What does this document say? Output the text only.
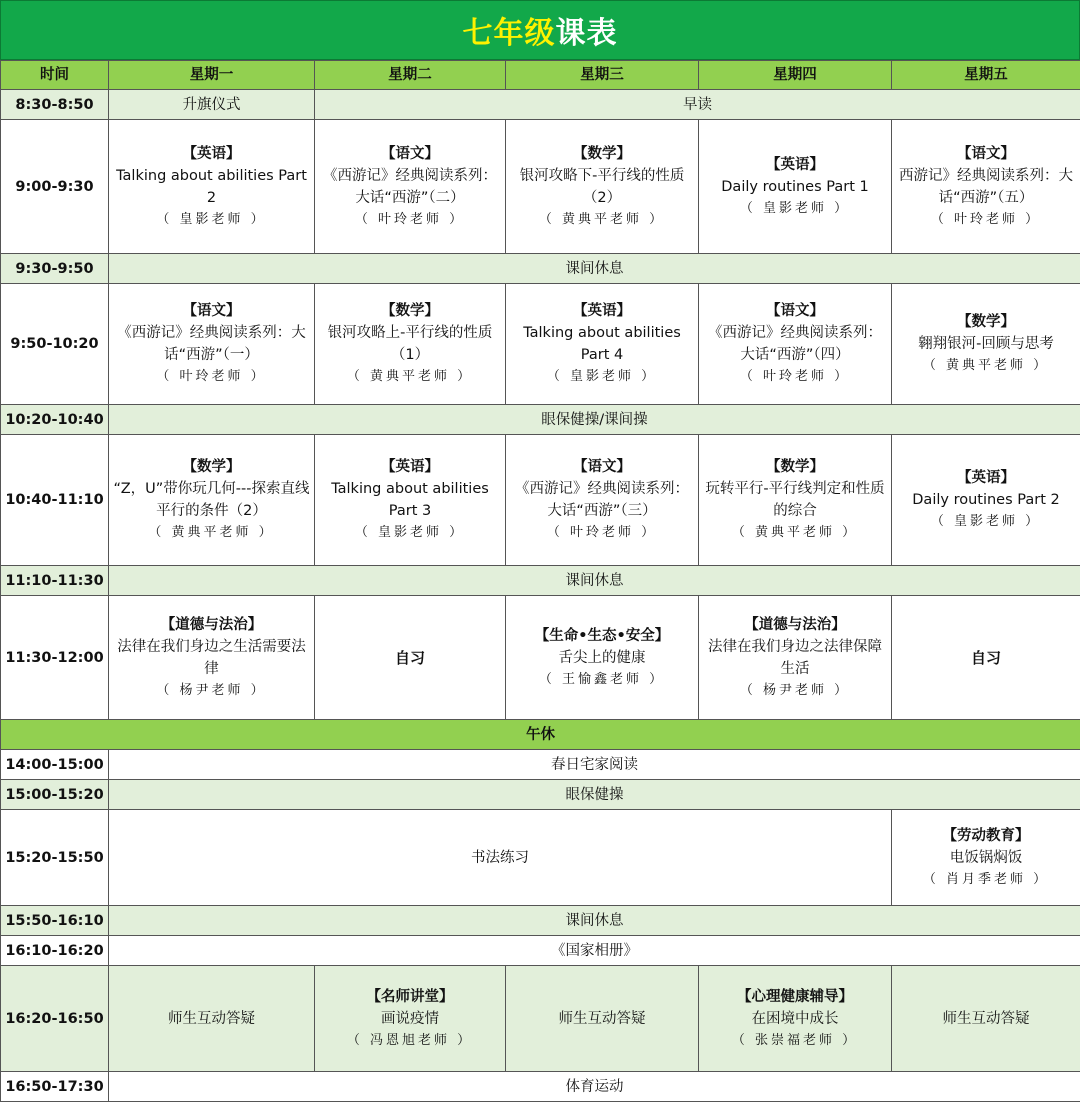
七年级 课表
时间	星期一	星期二	星期三	星期四	星期五
8:30-8:50	升旗仪式	早读			
9:00-9:30	【英语】
Talking about abilities Part 2
（ 皇影老师 ）	【语文】
《西游记》经典阅读系列：大话“西游”（二）
（ 叶玲老师 ）	【数学】
银河攻略下-平行线的性质（2）
（ 黄典平老师 ）	【英语】
Daily routines Part 1
（ 皇影老师 ）	【语文】
西游记》经典阅读系列：大话“西游”（五）
（ 叶玲老师 ）

9:30-9:50	课间休息				
9:50-10:20	【语文】
《西游记》经典阅读系列：大话“西游”（一）
（ 叶玲老师 ）	【数学】
银河攻略上-平行线的性质（1）
（ 黄典平老师 ）	【英语】
Talking about abilities Part 4
（ 皇影老师 ）	【语文】
《西游记》经典阅读系列：大话“西游”（四）
（ 叶玲老师 ）	【数学】
翱翔银河-回顾与思考
（ 黄典平老师 ）

10:20-10:40	眼保健操/课间操				
10:40-11:10	【数学】
“Z，U”带你玩几何---探索直线平行的条件（2）
（ 黄典平老师 ）	【英语】
Talking about abilities Part 3
（ 皇影老师 ）	【语文】
《西游记》经典阅读系列：大话“西游”（三）
（ 叶玲老师 ）	【数学】
玩转平行-平行线判定和性质的综合
（ 黄典平老师 ）	【英语】
Daily routines Part 2
（ 皇影老师 ）

11:10-11:30	课间休息				
11:30-12:00	【道德与法治】
法律在我们身边之生活需要法律
（ 杨尹老师 ）	自习	【生命•生态•安全】
舌尖上的健康
（ 王愉鑫老师 ）	【道德与法治】
法律在我们身边之法律保障生活
（ 杨尹老师 ）	自习
午休					
14:00-15:00	春日宅家阅读				
15:00-15:20	眼保健操				
15:20-15:50	书法练习				【劳动教育】
电饭锅焖饭
（ 肖月季老师 ）

15:50-16:10	课间休息				
16:10-16:20	《国家相册》				
16:20-16:50	师生互动答疑	【名师讲堂】
画说疫情
（ 冯恩旭老师 ）	师生互动答疑	【心理健康辅导】
在困境中成长
（ 张崇福老师 ）	师生互动答疑
16:50-17:30	体育运动				
